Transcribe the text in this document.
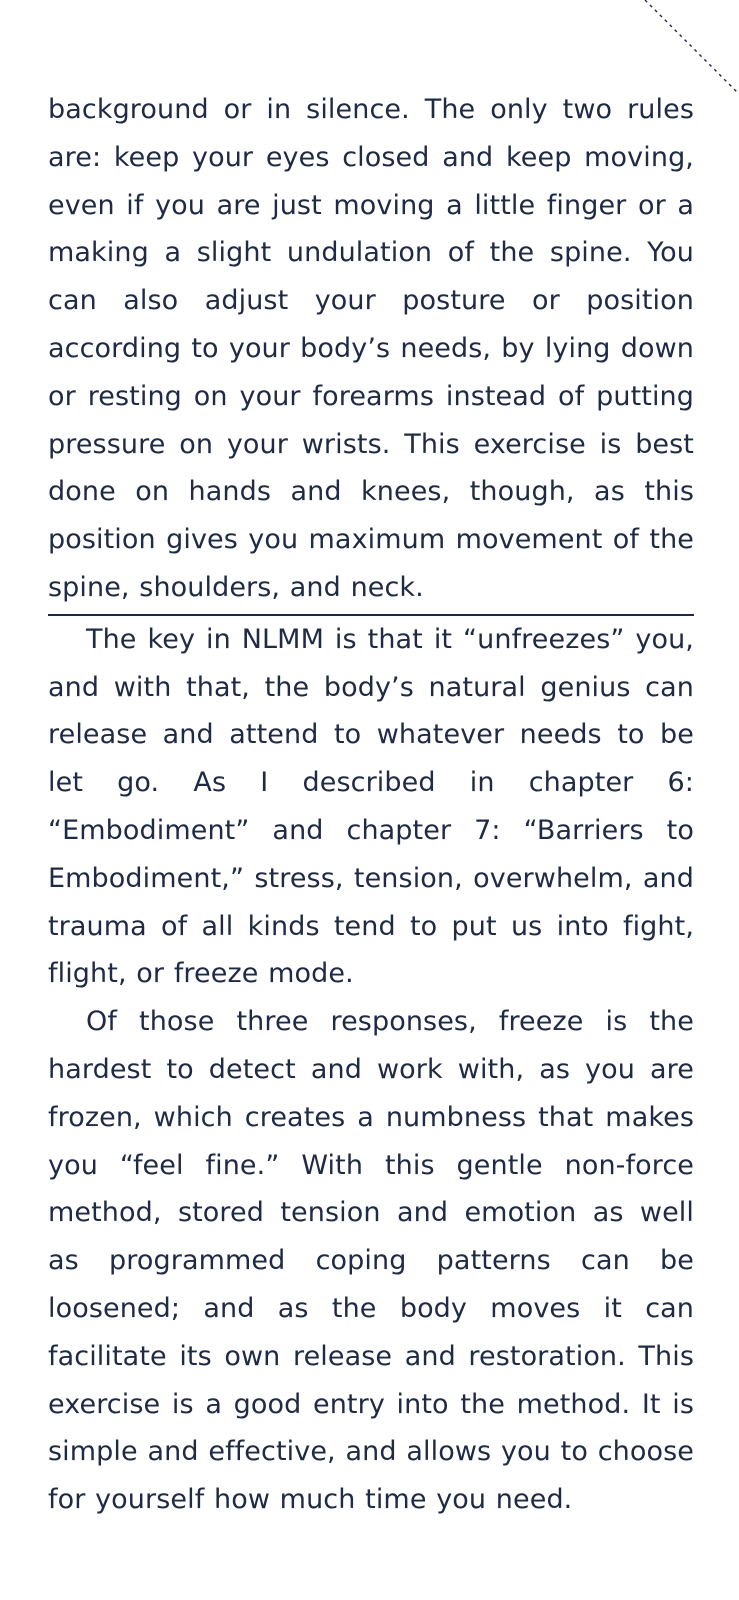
background or in silence. The only two rules are: keep your eyes closed and keep moving, even if you are just moving a little finger or a making a slight undulation of the spine. You can also adjust your posture or position according to your body’s needs, by lying down or resting on your forearms instead of putting pressure on your wrists. This exercise is best done on hands and knees, though, as this position gives you maximum movement of the spine, shoulders, and neck.

The key in NLMM is that it “unfreezes” you, and with that, the body’s natural genius can release and attend to whatever needs to be let go. As I described in chapter 6: “Embodiment” and chapter 7: “Barriers to Embodiment,” stress, tension, overwhelm, and trauma of all kinds tend to put us into fight, flight, or freeze mode.

Of those three responses, freeze is the hardest to detect and work with, as you are frozen, which creates a numbness that makes you “feel fine.” With this gentle non-force method, stored tension and emotion as well as programmed coping patterns can be loosened; and as the body moves it can facilitate its own release and restoration. This exercise is a good entry into the method. It is simple and effective, and allows you to choose for yourself how much time you need.
